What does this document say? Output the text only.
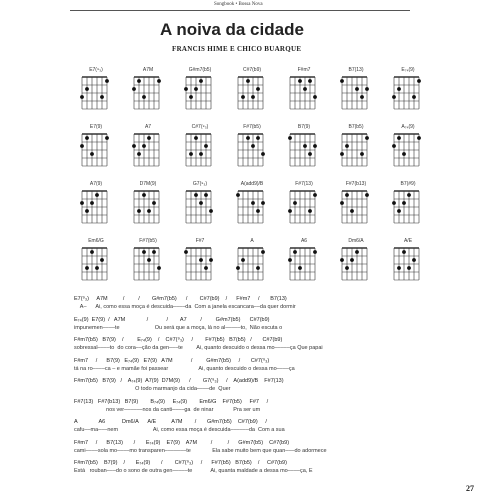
Songbook • Bossa Nova
A noiva da cidade
FRANCIS HIME E CHICO BUARQUE
E7(⁹₃)	A7M	G#m7(b5)	C#7(b9)	F#m7	B7(13)	E₇₄(9)
E7(9)	A7	C#7(⁹₃)	F#7(b5)	B7(9)	B7(b5)	A₇₄(9)
A7(9)	D7M(9)	G7(⁹₃)	A(add9)/B	F#7(13)	F#7(b13)	B7(#9)
Em6/G	F#7(b5)	F#7	A	A6	Dm6/A	A/E
E7(⁹₃)     A7M          /         /        G#m7(b5)      /        C#7(b9)    /      F#m7     /       B7(13)
A–      Ai, como essa moça é descuida––––da  Com a janela escancara––da quer dormir
E₇₄(9)  E7(9)  /   A7M              /            /        A7         /         G#m7(b5)      C#7(b9)
impunemen––––te                       Ou será que a moça, lá no al–––––to,  Não escuta o
F#m7(b5)   B7(9)    /         E₇₄(9)    /    C#7(⁹₃)     /        F#7(b5)   B7(b5)   /       C#7(b9)
sobressal––––to  do cora––ção da gen–––te         Ai, quanto descuido o dessa mo–––––ça Que papai
F#m7     /      B7(9)   E₇₄(9)   E7(9)   A7M            /         G#m7(b5)     /       C#7(⁹₃)
tá na ro––––ca – e mamãe foi passear                    Ai, quanto descuido o dessa mo––––ça
F#m7(b5)   B7(9)   /    A₇₄(9)  A7(9)  D7M(9)      /        G7(⁹₃)     /    A(add9)/B    F#7(13)
O todo marmanjo da cida––––de  Quer
F#7(13)   F#7(b13)   B7(9)        B₇₄(9)     E₇₄(9)        Em6/G    F#7(b5)     F#7     /
nos ver––––––nos da canti––––ga  de ninar             Pra ser um
A              A6           Dm6/A      A/E          A7M        /       G#m7(b5)    C#7(b9)     /
cafu––ma–––nem                       Ai, como essa moça é descuida––––––da  Com a sua
F#m7     /      B7(13)       /       E₇₄(9)    E7(9)    A7M         /          /      G#m7(b5)    C#7(b9)
cami––––sola mo––––mo transparen–––––––te              Ela sabe muito bem que quan–––do adormece
F#m7(b5)    B7(9)    /       E₇₄(9)       /        C#7(⁹₃)     /      F#7(b5)   B7(b5)    /     C#7(b9)
Está   rouban–––do o sono de outra gen–––––te            Ai, quanta maldade a dessa mo––––ça, E
27
